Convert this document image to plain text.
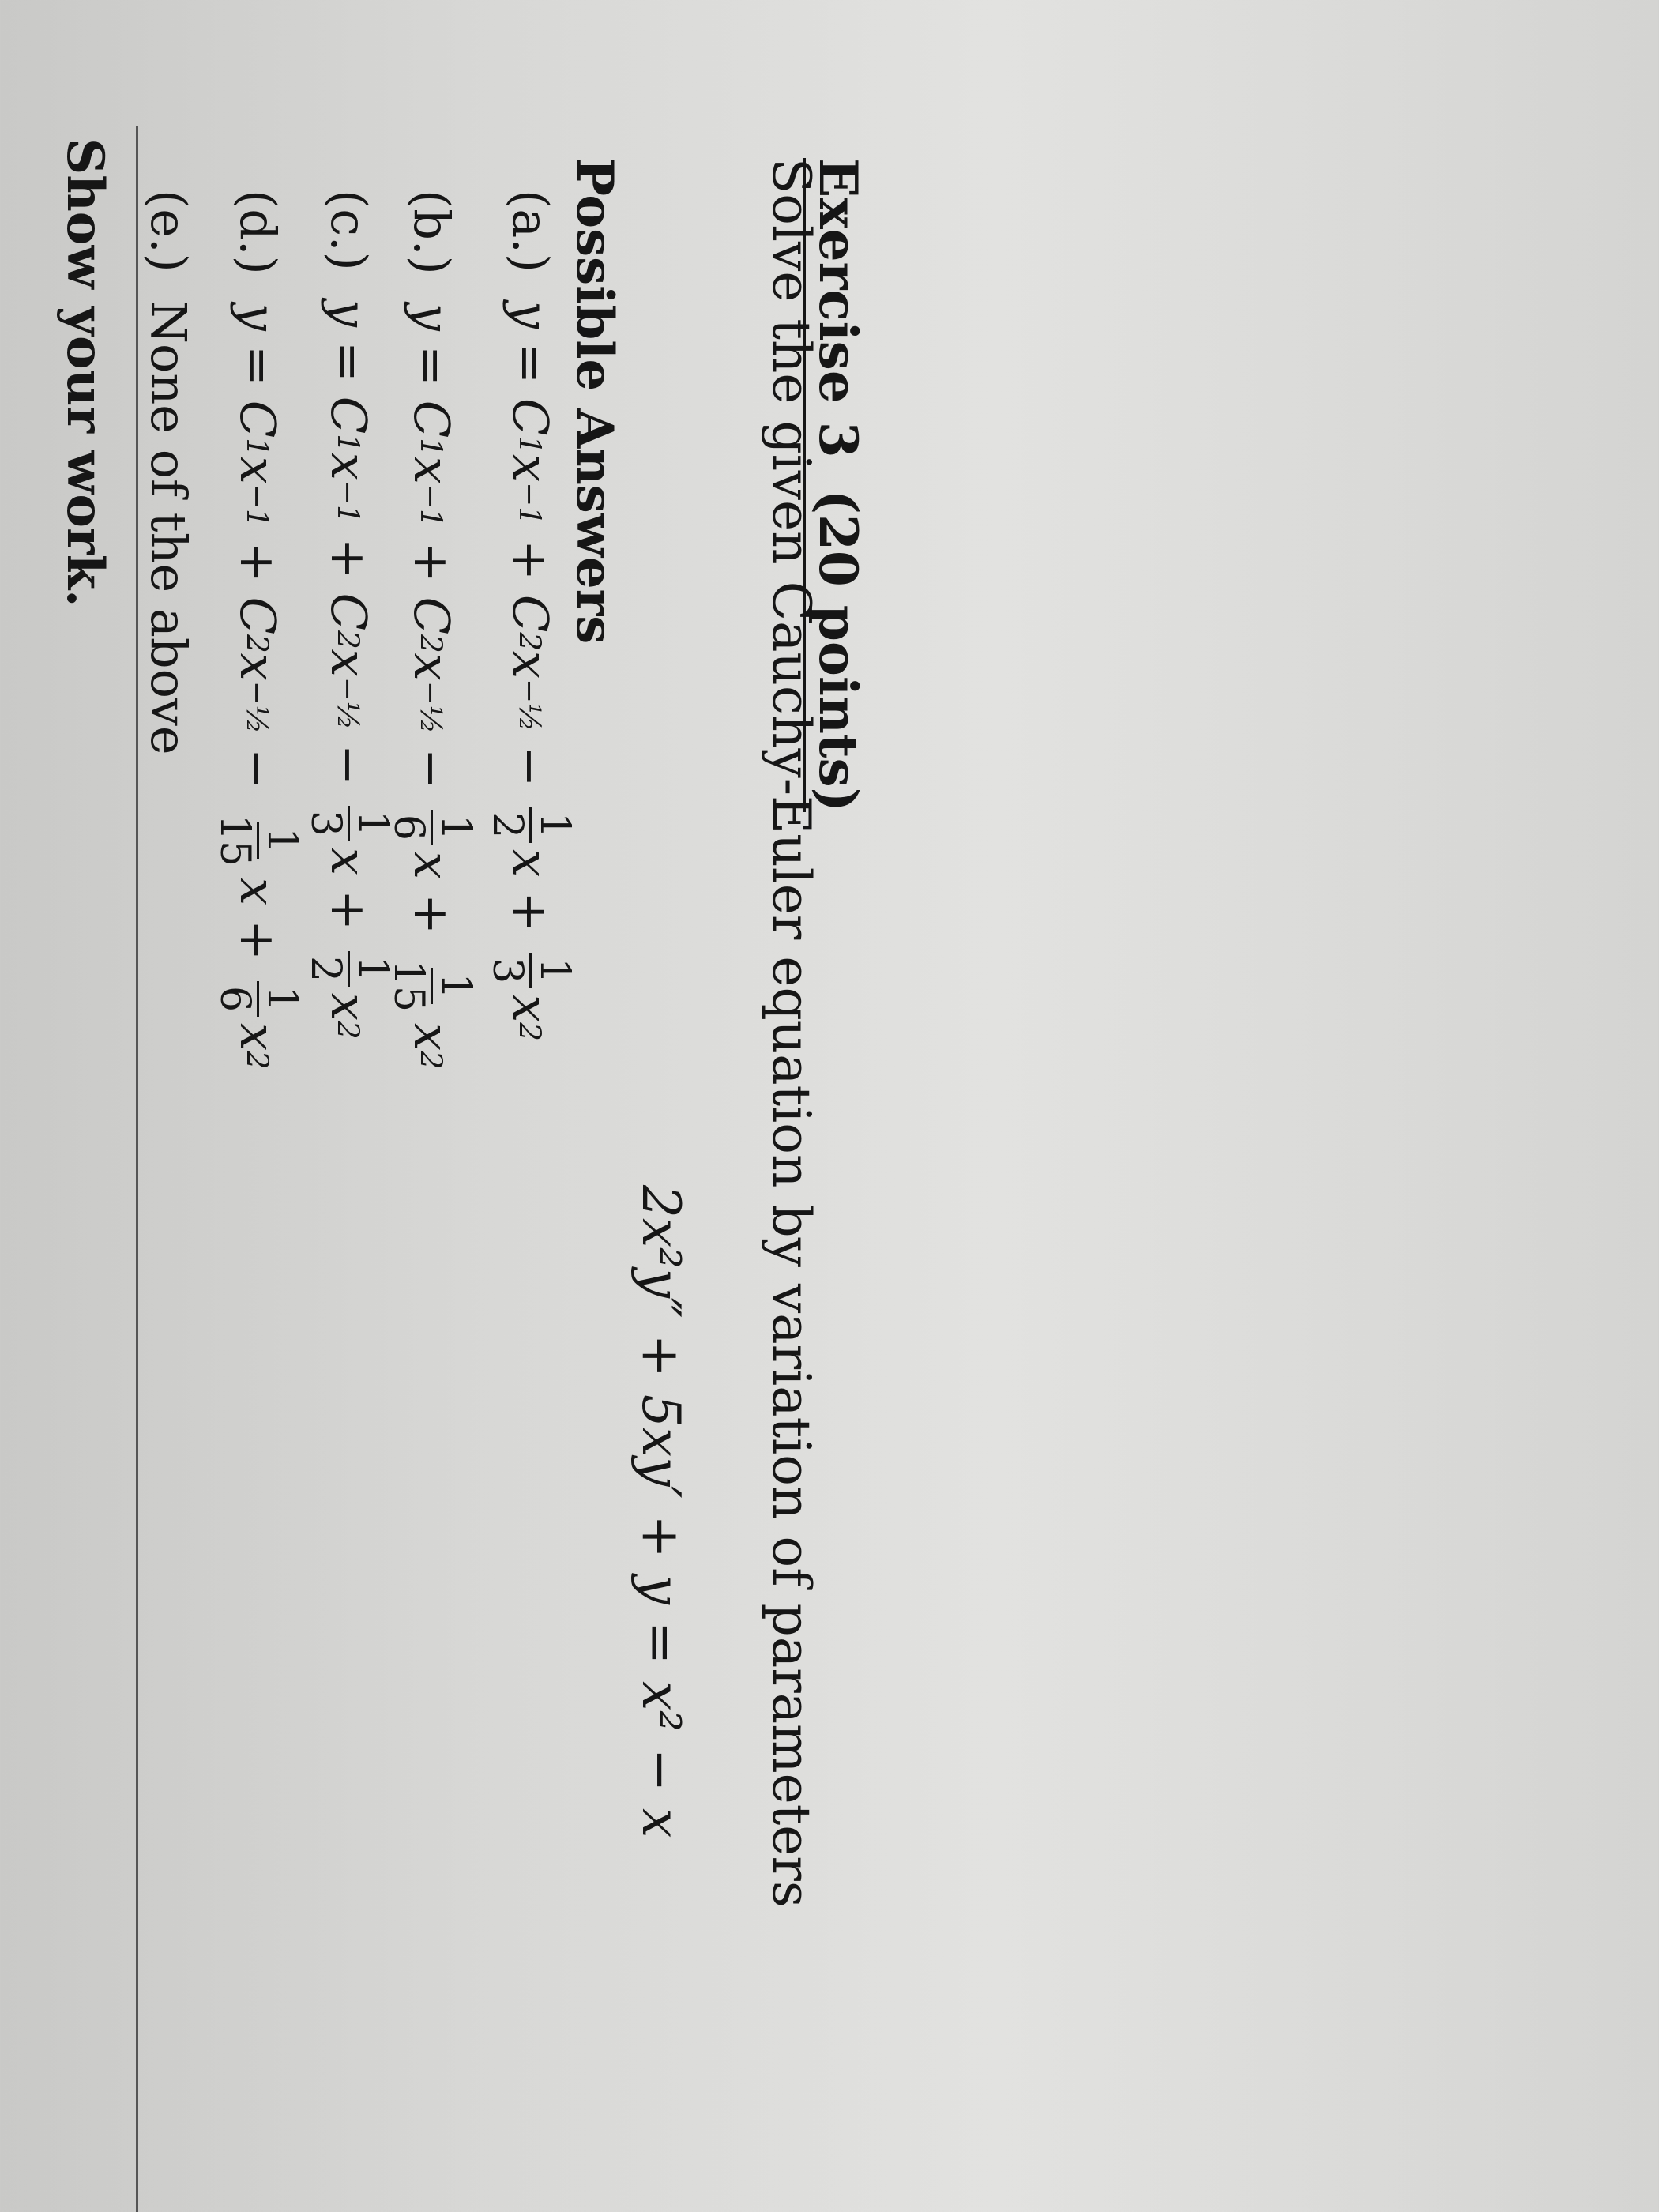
Exercise 3(20 points)
Solve the given Cauchy-Euler equation by variation of parameters
2x²y″ + 5xy′ + y = x² − x
Possible Answers
(a.)
y
=
C
1
x
−1
+
C
2
x
−½
−
1
2
x
+
1
3
x
2
Show your work.	(b.)
y
=
C
1
x
−1
+
C
2
x
−½
−
1
6
x
+
1
15
x
2
(c.)
y
=
C
1
x
−1
+
C
2
x
−½
−
1
3
x
+
1
2
x
2
(d.)
y
=
C
1
x
−1
+
C
2
x
−½
−
1
15
x
+
1
6
x
2
(e.)
None of the above
